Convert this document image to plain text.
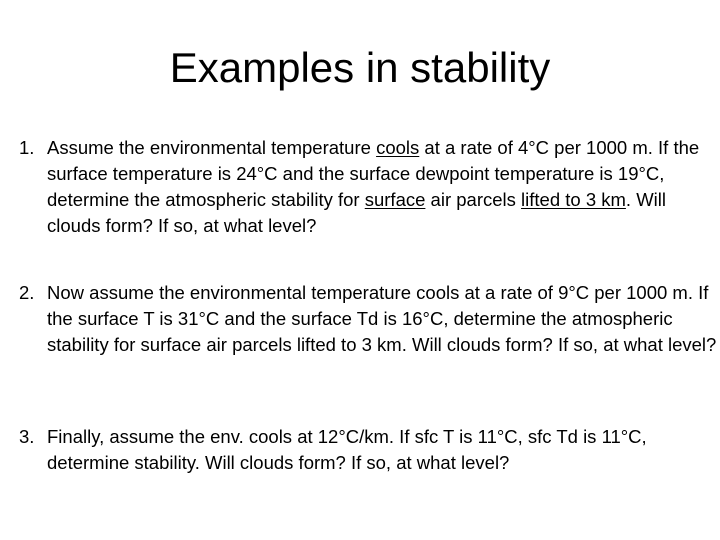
Examples in stability
1. Assume the environmental temperature cools at a rate of 4°C per 1000 m. If the surface temperature is 24°C and the surface dewpoint temperature is 19°C, determine the atmospheric stability for surface air parcels lifted to 3 km. Will clouds form? If so, at what level?
2. Now assume the environmental temperature cools at a rate of 9°C per 1000 m. If the surface T is 31°C and the surface Td is 16°C, determine the atmospheric stability for surface air parcels lifted to 3 km. Will clouds form? If so, at what level?
3. Finally, assume the env. cools at 12°C/km. If sfc T is 11°C, sfc Td is 11°C, determine stability. Will clouds form? If so, at what level?
